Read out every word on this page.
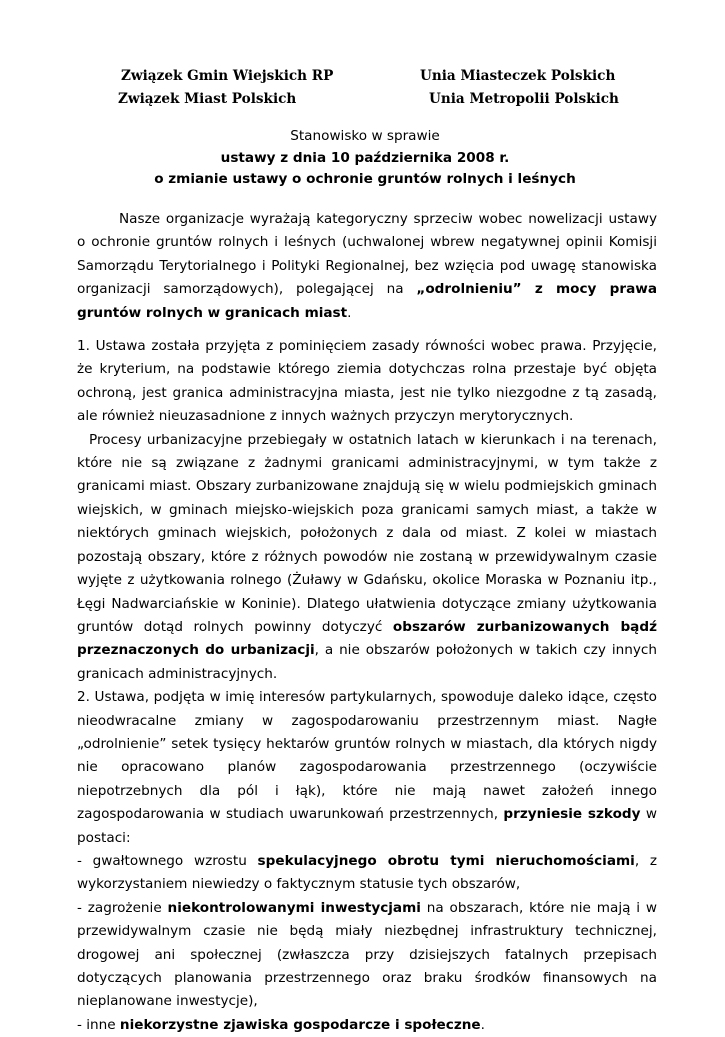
Związek Gmin Wiejskich RP
Związek Miast Polskich
Unia Miasteczek Polskich
Unia Metropolii Polskich
Stanowisko w sprawie
ustawy z dnia 10 października 2008 r.
o zmianie ustawy o ochronie gruntów rolnych i leśnych

Nasze organizacje wyrażają kategoryczny sprzeciw wobec nowelizacji ustawy o ochronie gruntów rolnych i leśnych (uchwalonej wbrew negatywnej opinii Komisji Samorządu Terytorialnego i Polityki Regionalnej, bez wzięcia pod uwagę stanowiska organizacji samorządowych), polegającej na „odrolnieniu” z mocy prawa gruntów rolnych w granicach miast.

1. Ustawa została przyjęta z pominięciem zasady równości wobec prawa. Przyjęcie, że kryterium, na podstawie którego ziemia dotychczas rolna przestaje być objęta ochroną, jest granica administracyjna miasta, jest nie tylko niezgodne z tą zasadą, ale również nieuzasadnione z innych ważnych przyczyn merytorycznych.

Procesy urbanizacyjne przebiegały w ostatnich latach w kierunkach i na terenach, które nie są związane z żadnymi granicami administracyjnymi, w tym także z granicami miast. Obszary zurbanizowane znajdują się w wielu podmiejskich gminach wiejskich, w gminach miejsko-wiejskich poza granicami samych miast, a także w niektórych gminach wiejskich, położonych z dala od miast. Z kolei w miastach pozostają obszary, które z różnych powodów nie zostaną w przewidywalnym czasie wyjęte z użytkowania rolnego (Żuławy w Gdańsku, okolice Moraska w Poznaniu itp., Łęgi Nadwarciańskie w Koninie). Dlatego ułatwienia dotyczące zmiany użytkowania gruntów dotąd rolnych powinny dotyczyć obszarów zurbanizowanych bądź przeznaczonych do urbanizacji, a nie obszarów położonych w takich czy innych granicach administracyjnych.

2. Ustawa, podjęta w imię interesów partykularnych, spowoduje daleko idące, często nieodwracalne zmiany w zagospodarowaniu przestrzennym miast. Nagłe „odrolnienie” setek tysięcy hektarów gruntów rolnych w miastach, dla których nigdy nie opracowano planów zagospodarowania przestrzennego (oczywiście niepotrzebnych dla pól i łąk), które nie mają nawet założeń innego zagospodarowania w studiach uwarunkowań przestrzennych, przyniesie szkody w postaci:

- gwałtownego wzrostu spekulacyjnego obrotu tymi nieruchomościami, z wykorzystaniem niewiedzy o faktycznym statusie tych obszarów,

- zagrożenie niekontrolowanymi inwestycjami na obszarach, które nie mają i w przewidywalnym czasie nie będą miały niezbędnej infrastruktury technicznej, drogowej ani społecznej (zwłaszcza przy dzisiejszych fatalnych przepisach dotyczących planowania przestrzennego oraz braku środków finansowych na nieplanowane inwestycje),

- inne niekorzystne zjawiska gospodarcze i społeczne.
